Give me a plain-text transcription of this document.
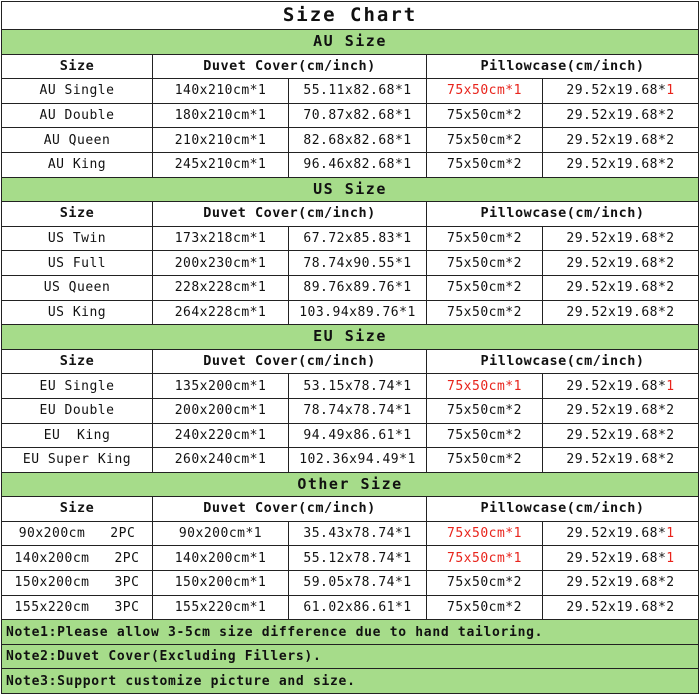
Size Chart				
AU Size				
Size	Duvet Cover(cm/inch)		Pillowcase(cm/inch)	
AU Single	140x210cm*1	55.11x82.68*1	75x50cm*1	29.52x19.68*1
AU Double	180x210cm*1	70.87x82.68*1	75x50cm*2	29.52x19.68*2
AU Queen	210x210cm*1	82.68x82.68*1	75x50cm*2	29.52x19.68*2
AU King	245x210cm*1	96.46x82.68*1	75x50cm*2	29.52x19.68*2
US Size				
Size	Duvet Cover(cm/inch)		Pillowcase(cm/inch)	
US Twin	173x218cm*1	67.72x85.83*1	75x50cm*2	29.52x19.68*2
US Full	200x230cm*1	78.74x90.55*1	75x50cm*2	29.52x19.68*2
US Queen	228x228cm*1	89.76x89.76*1	75x50cm*2	29.52x19.68*2
US King	264x228cm*1	103.94x89.76*1	75x50cm*2	29.52x19.68*2
EU Size				
Size	Duvet Cover(cm/inch)		Pillowcase(cm/inch)	
EU Single	135x200cm*1	53.15x78.74*1	75x50cm*1	29.52x19.68*1
EU Double	200x200cm*1	78.74x78.74*1	75x50cm*2	29.52x19.68*2
EU  King	240x220cm*1	94.49x86.61*1	75x50cm*2	29.52x19.68*2
EU Super King	260x240cm*1	102.36x94.49*1	75x50cm*2	29.52x19.68*2
Other Size				
Size	Duvet Cover(cm/inch)		Pillowcase(cm/inch)	
90x200cm   2PC	90x200cm*1	35.43x78.74*1	75x50cm*1	29.52x19.68*1
140x200cm   2PC	140x200cm*1	55.12x78.74*1	75x50cm*1	29.52x19.68*1
150x200cm   3PC	150x200cm*1	59.05x78.74*1	75x50cm*2	29.52x19.68*2
155x220cm   3PC	155x220cm*1	61.02x86.61*1	75x50cm*2	29.52x19.68*2
Note1:Please allow 3-5cm size difference due to hand tailoring.				
Note2:Duvet Cover(Excluding Fillers).				
Note3:Support customize picture and size.				
